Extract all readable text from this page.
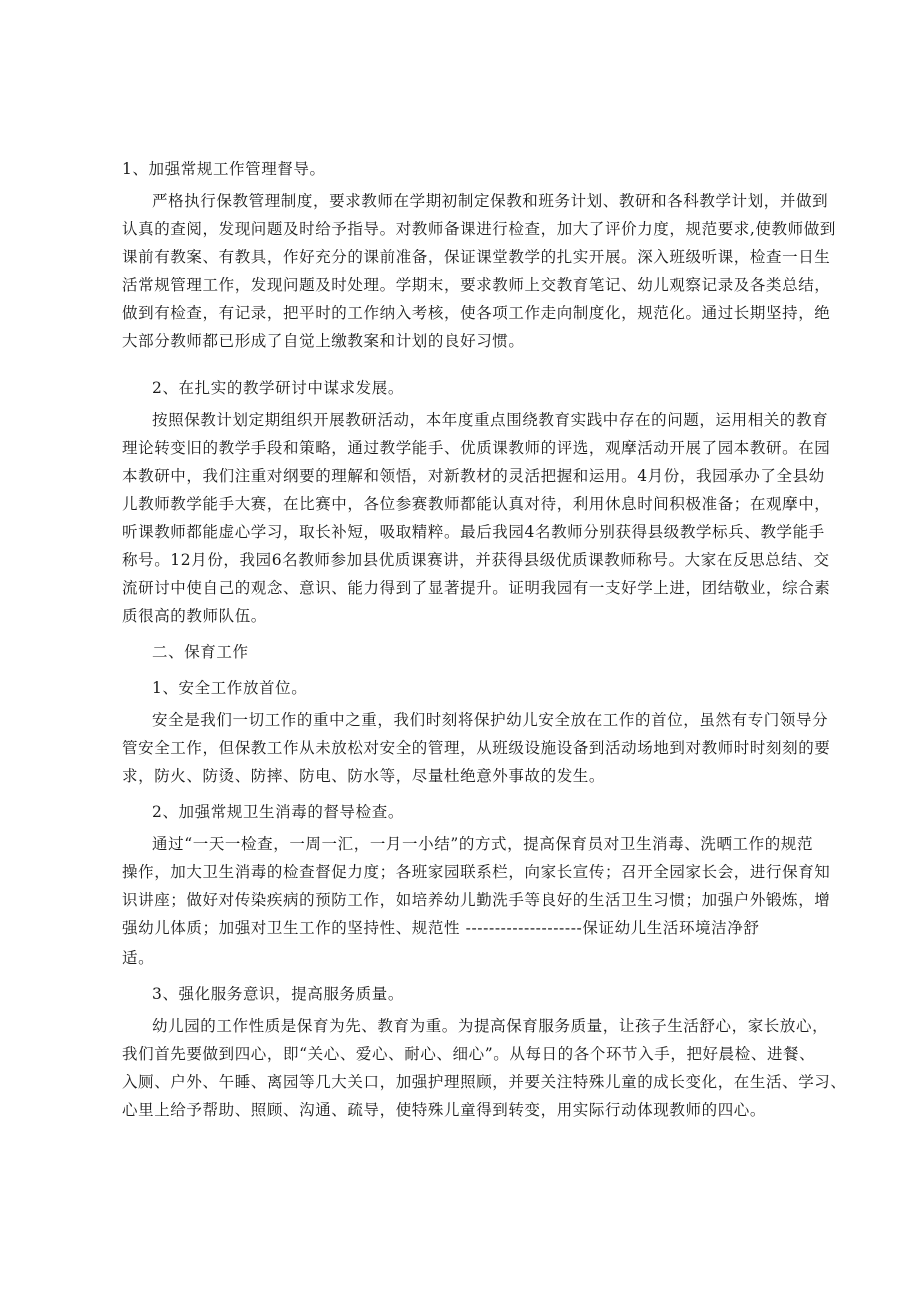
1、加强常规工作管理督导。
严格执行保教管理制度，要求教师在学期初制定保教和班务计划、教研和各科教学计划，并做到
认真的查阅，发现问题及时给予指导。对教师备课进行检查，加大了评价力度，规范要求,使教师做到
课前有教案、有教具，作好充分的课前准备，保证课堂教学的扎实开展。深入班级听课，检查一日生
活常规管理工作，发现问题及时处理。学期末，要求教师上交教育笔记、幼儿观察记录及各类总结，
做到有检查，有记录，把平时的工作纳入考核，使各项工作走向制度化，规范化。通过长期坚持，绝
大部分教师都已形成了自觉上缴教案和计划的良好习惯。
2、在扎实的教学研讨中谋求发展。
按照保教计划定期组织开展教研活动，本年度重点围绕教育实践中存在的问题，运用相关的教育
理论转变旧的教学手段和策略，通过教学能手、优质课教师的评选，观摩活动开展了园本教研。在园
本教研中，我们注重对纲要的理解和领悟，对新教材的灵活把握和运用。4月份，我园承办了全县幼
儿教师教学能手大赛，在比赛中，各位参赛教师都能认真对待，利用休息时间积极准备；在观摩中，
听课教师都能虚心学习，取长补短，吸取精粹。最后我园4名教师分别获得县级教学标兵、教学能手
称号。12月份，我园6名教师参加县优质课赛讲，并获得县级优质课教师称号。大家在反思总结、交
流研讨中使自己的观念、意识、能力得到了显著提升。证明我园有一支好学上进，团结敬业，综合素
质很高的教师队伍。
二、保育工作
1、安全工作放首位。
安全是我们一切工作的重中之重，我们时刻将保护幼儿安全放在工作的首位，虽然有专门领导分
管安全工作，但保教工作从未放松对安全的管理，从班级设施设备到活动场地到对教师时时刻刻的要
求，防火、防烫、防摔、防电、防水等，尽量杜绝意外事故的发生。
2、加强常规卫生消毒的督导检查。
通过“一天一检查，一周一汇，一月一小结”的方式，提高保育员对卫生消毒、洗晒工作的规范
操作，加大卫生消毒的检查督促力度；各班家园联系栏，向家长宣传；召开全园家长会，进行保育知
识讲座；做好对传染疾病的预防工作，如培养幼儿勤洗手等良好的生活卫生习惯；加强户外锻炼，增
强幼儿体质；加强对卫生工作的坚持性、规范性 --------------------保证幼儿生活环境洁净舒
适。
3、强化服务意识，提高服务质量。
幼儿园的工作性质是保育为先、教育为重。为提高保育服务质量，让孩子生活舒心，家长放心，
我们首先要做到四心，即“关心、爱心、耐心、细心”。从每日的各个环节入手，把好晨检、进餐、
入厕、户外、午睡、离园等几大关口，加强护理照顾，并要关注特殊儿童的成长变化，在生活、学习、
心里上给予帮助、照顾、沟通、疏导，使特殊儿童得到转变，用实际行动体现教师的四心。
